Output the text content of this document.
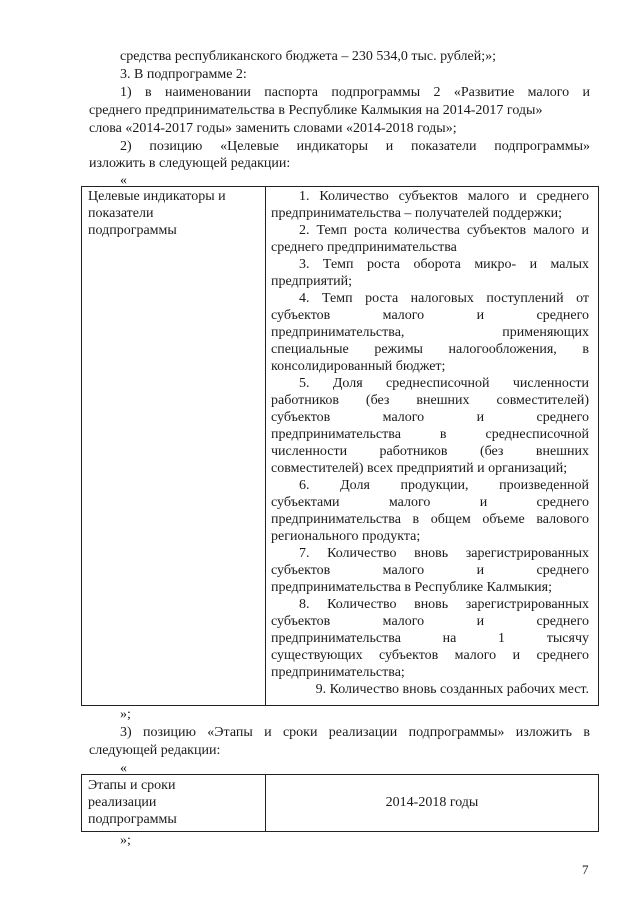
средства республиканского бюджета – 230 534,0 тыс. рублей;»;
3. В подпрограмме 2:
1) в наименовании паспорта подпрограммы 2 «Развитие малого и
среднего предпринимательства в Республике Калмыкия на 2014-2017 годы»
слова «2014-2017 годы» заменить словами «2014-2018 годы»;
2) позицию «Целевые индикаторы и показатели подпрограммы»
изложить в следующей редакции:
«
Целевые индикаторы и
показатели
подпрограммы
1. Количество субъектов малого и среднего
предпринимательства – получателей поддержки;
2. Темп роста количества субъектов малого и
среднего предпринимательства
3. Темп роста оборота микро- и малых
предприятий;
4. Темп роста налоговых поступлений от
субъектов малого и среднего
предпринимательства, применяющих
специальные режимы налогообложения, в
консолидированный бюджет;
5. Доля среднесписочной численности
работников (без внешних совместителей)
субъектов малого и среднего
предпринимательства в среднесписочной
численности работников (без внешних
совместителей) всех предприятий и организаций;
6. Доля продукции, произведенной
субъектами малого и среднего
предпринимательства в общем объеме валового
регионального продукта;
7. Количество вновь зарегистрированных
субъектов малого и среднего
предпринимательства в Республике Калмыкия;
8. Количество вновь зарегистрированных
субъектов малого и среднего
предпринимательства на 1 тысячу
существующих субъектов малого и среднего
предпринимательства;
9. Количество вновь созданных рабочих мест.
»;
3) позицию «Этапы и сроки реализации подпрограммы» изложить в
следующей редакции:
«
Этапы и сроки
реализации
подпрограммы
2014-2018 годы
»;
7
